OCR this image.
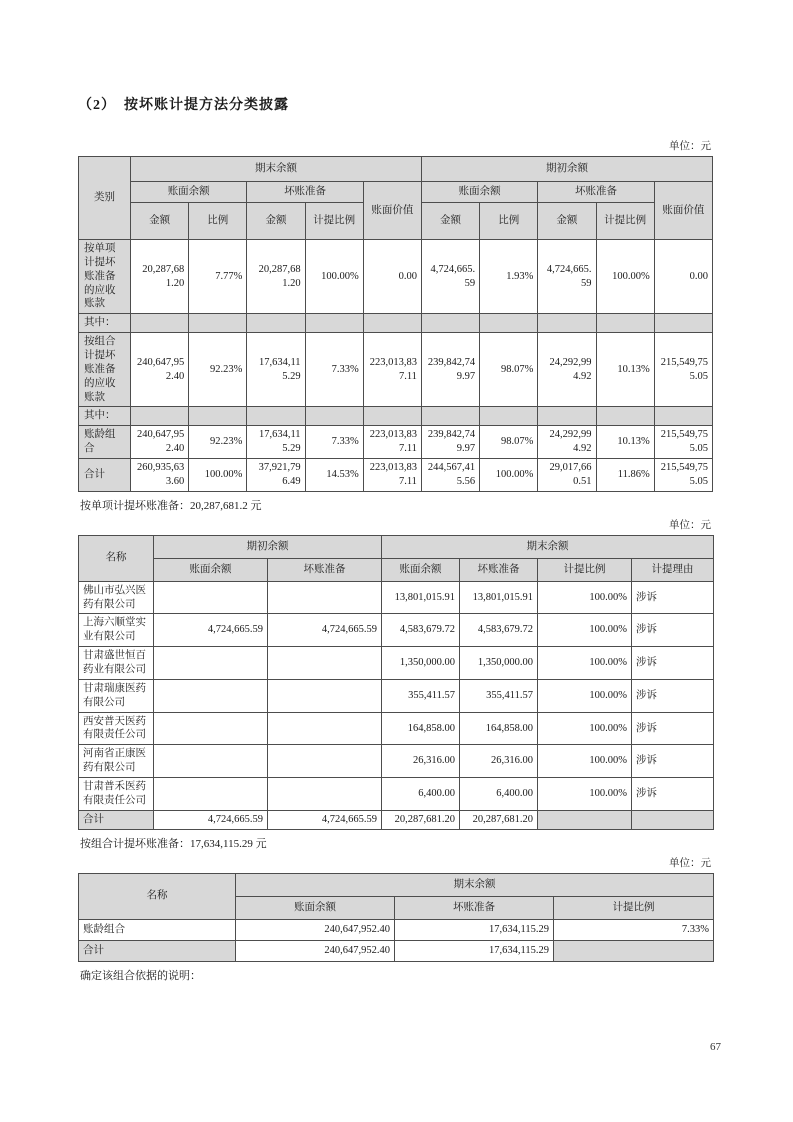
（2）　按坏账计提方法分类披露

单位：元
类别	期末余额					期初余额				
	账面余额		坏账准备		账面价值	账面余额		坏账准备		账面价值
	金额	比例	金额	计提比例		金额	比例	金额	计提比例	
按单项计提坏账准备的应收账款	20,287,681.20	7.77%	20,287,681.20	100.00%	0.00	4,724,665.59	1.93%	4,724,665.59	100.00%	0.00
其中：										
按组合计提坏账准备的应收账款	240,647,952.40	92.23%	17,634,115.29	7.33%	223,013,837.11	239,842,749.97	98.07%	24,292,994.92	10.13%	215,549,755.05
其中：										
账龄组合	240,647,952.40	92.23%	17,634,115.29	7.33%	223,013,837.11	239,842,749.97	98.07%	24,292,994.92	10.13%	215,549,755.05
合计	260,935,633.60	100.00%	37,921,796.49	14.53%	223,013,837.11	244,567,415.56	100.00%	29,017,660.51	11.86%	215,549,755.05

按单项计提坏账准备：20,287,681.2 元

单位：元
名称	期初余额		期末余额			
	账面余额	坏账准备	账面余额	坏账准备	计提比例	计提理由
佛山市弘兴医药有限公司			13,801,015.91	13,801,015.91	100.00%	涉诉
上海六顺堂实业有限公司	4,724,665.59	4,724,665.59	4,583,679.72	4,583,679.72	100.00%	涉诉
甘肃盛世恒百药业有限公司			1,350,000.00	1,350,000.00	100.00%	涉诉
甘肃瑞康医药有限公司			355,411.57	355,411.57	100.00%	涉诉
西安普天医药有限责任公司			164,858.00	164,858.00	100.00%	涉诉
河南省正康医药有限公司			26,316.00	26,316.00	100.00%	涉诉
甘肃普禾医药有限责任公司			6,400.00	6,400.00	100.00%	涉诉
合计	4,724,665.59	4,724,665.59	20,287,681.20	20,287,681.20		

按组合计提坏账准备：17,634,115.29 元

单位：元
名称	期末余额		
	账面余额	坏账准备	计提比例
账龄组合	240,647,952.40	17,634,115.29	7.33%
合计	240,647,952.40	17,634,115.29	

确定该组合依据的说明：

67
